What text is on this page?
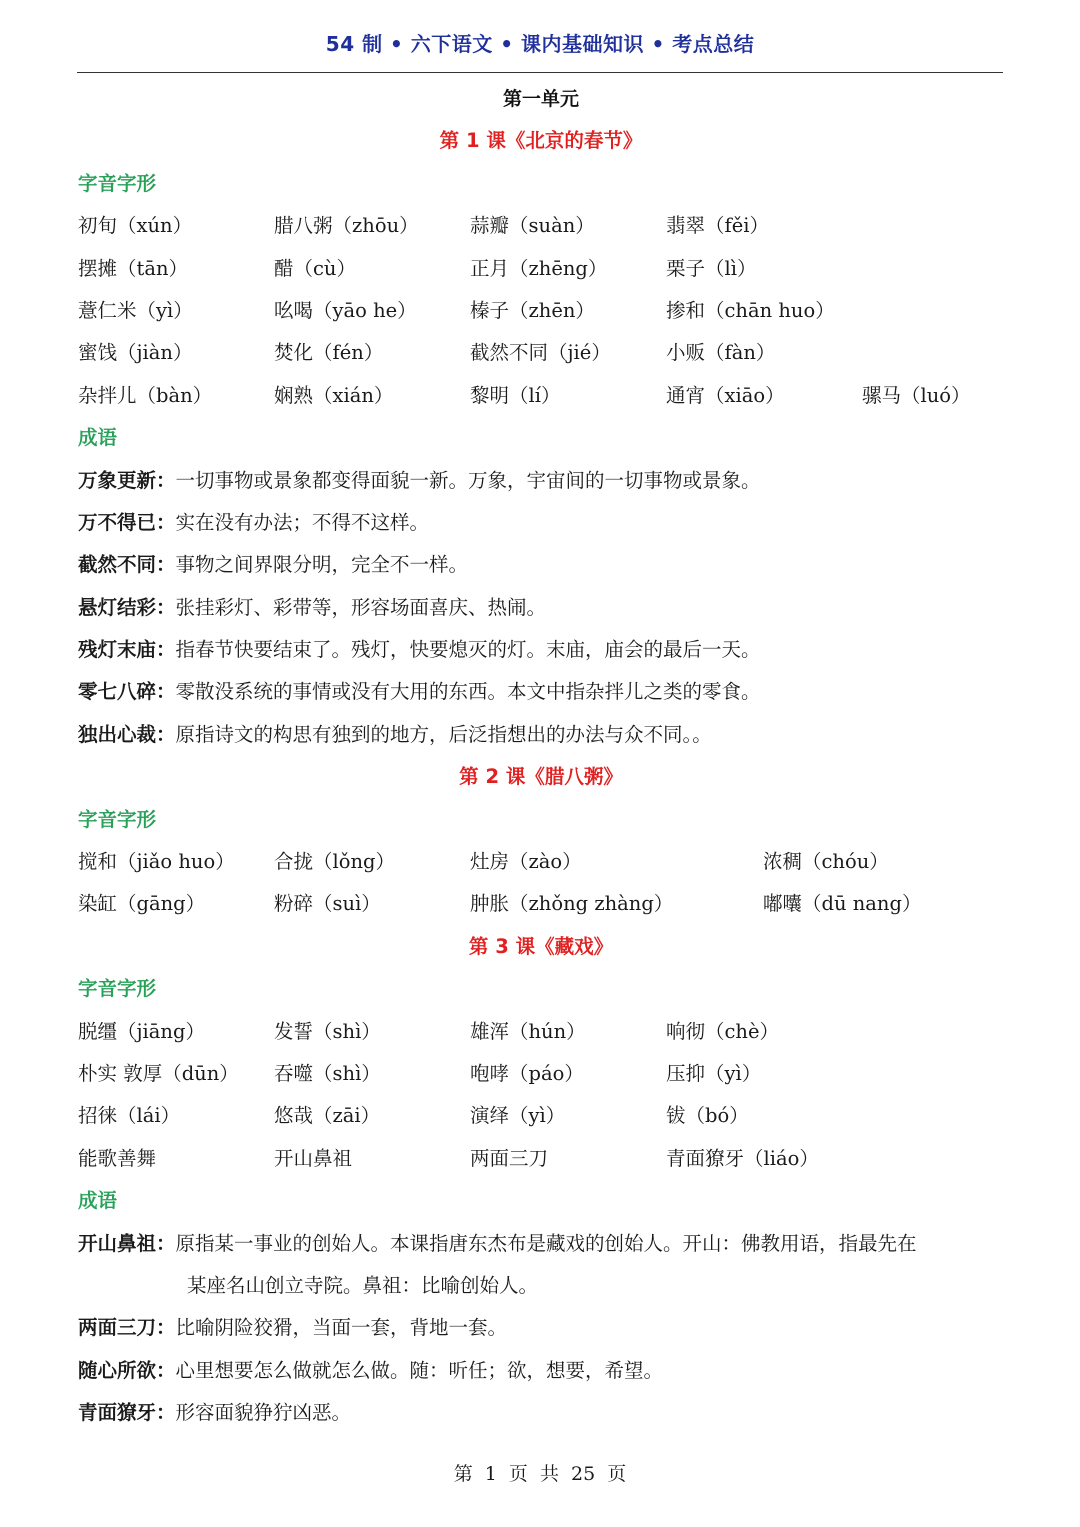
54 制 • 六下语文 • 课内基础知识 • 考点总结
第一单元
第 1 课《北京的春节》
字音字形
初旬（xún）	腊八粥（zhōu）	蒜瓣（suàn）	翡翠（fěi）
摆摊（tān）	醋（cù）	正月（zhēng）	栗子（lì）
薏仁米（yì）	吆喝（yāo he）	榛子（zhēn）	掺和（chān huo）
蜜饯（jiàn）	焚化（fén）	截然不同（jié）	小贩（fàn）
杂拌儿（bàn）	娴熟（xián）	黎明（lí）	通宵（xiāo）	骡马（luó）
成语
万象更新：一切事物或景象都变得面貌一新。万象，宇宙间的一切事物或景象。
万不得已：实在没有办法；不得不这样。
截然不同：事物之间界限分明，完全不一样。
悬灯结彩：张挂彩灯、彩带等，形容场面喜庆、热闹。
残灯末庙：指春节快要结束了。残灯，快要熄灭的灯。末庙，庙会的最后一天。
零七八碎：零散没系统的事情或没有大用的东西。本文中指杂拌儿之类的零食。
独出心裁：原指诗文的构思有独到的地方，后泛指想出的办法与众不同。。
第 2 课《腊八粥》
字音字形
搅和（jiǎo huo） 合拢（lǒng）	灶房（zào）	浓稠（chóu）
染缸（gāng）	粉碎（suì）	肿胀（zhǒng zhàng）	嘟囔（dū nang）
第 3 课《藏戏》
字音字形
脱缰（jiāng）	发誓（shì）	雄浑（hún）	响彻（chè）
朴实 敦厚（dūn） 吞噬（shì）	咆哮（páo）	压抑（yì）
招徕（lái）	悠哉（zāi）	演绎（yì）	钹（bó）
能歌善舞	开山鼻祖	两面三刀	青面獠牙（liáo）
成语
开山鼻祖：原指某一事业的创始人。本课指唐东杰布是藏戏的创始人。开山：佛教用语，指最先在
某座名山创立寺院。鼻祖：比喻创始人。
两面三刀：比喻阴险狡猾，当面一套，背地一套。
随心所欲：心里想要怎么做就怎么做。随：听任；欲，想要，希望。
青面獠牙：形容面貌狰狞凶恶。
第 1 页 共 25 页
